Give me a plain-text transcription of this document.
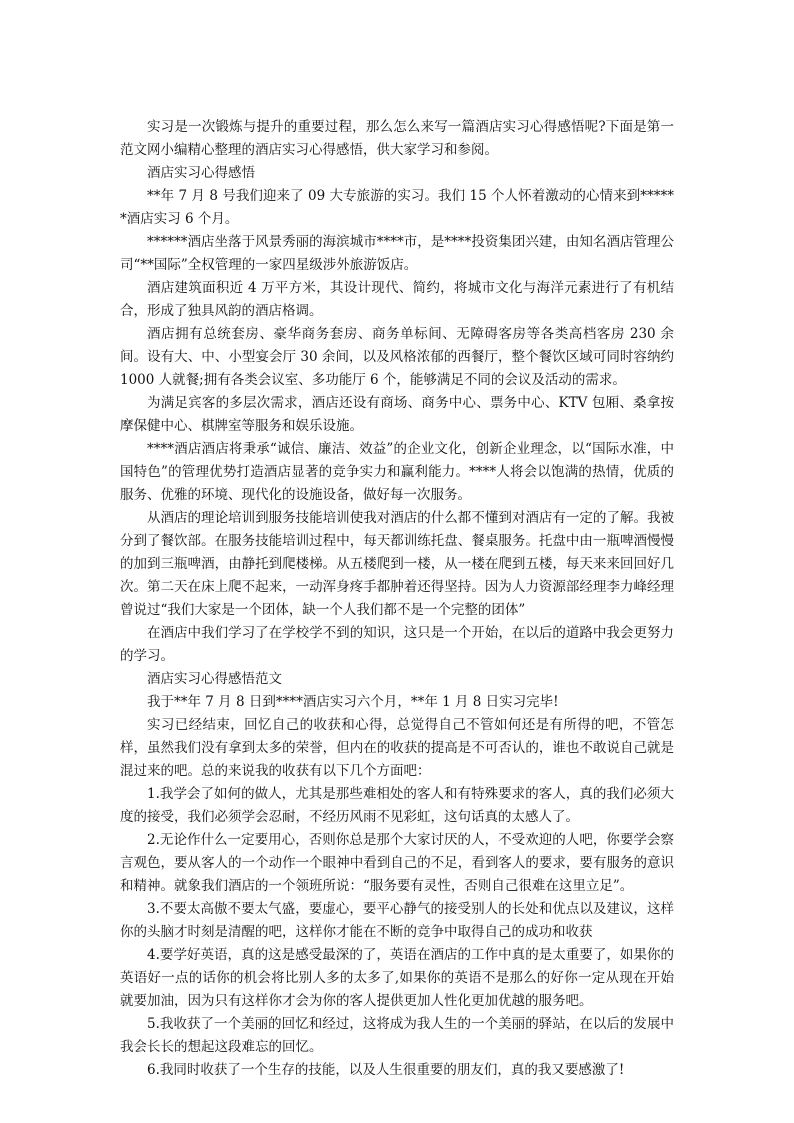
实习是一次锻炼与提升的重要过程，那么怎么来写一篇酒店实习心得感悟呢?下面是第一范文网小编精心整理的酒店实习心得感悟，供大家学习和参阅。

酒店实习心得感悟

**年 7 月 8 号我们迎来了 09 大专旅游的实习。我们 15 个人怀着激动的心情来到******酒店实习 6 个月。

******酒店坐落于风景秀丽的海滨城市****市，是****投资集团兴建，由知名酒店管理公司“**国际”全权管理的一家四星级涉外旅游饭店。

酒店建筑面积近 4 万平方米，其设计现代、简约，将城市文化与海洋元素进行了有机结合，形成了独具风韵的酒店格调。

酒店拥有总统套房、豪华商务套房、商务单标间、无障碍客房等各类高档客房 230 余间。设有大、中、小型宴会厅 30 余间，以及风格浓郁的西餐厅，整个餐饮区域可同时容纳约 1000 人就餐;拥有各类会议室、多功能厅 6 个，能够满足不同的会议及活动的需求。

为满足宾客的多层次需求，酒店还设有商场、商务中心、票务中心、KTV 包厢、桑拿按摩保健中心、棋牌室等服务和娱乐设施。

****酒店酒店将秉承“诚信、廉洁、效益”的企业文化，创新企业理念，以“国际水准，中国特色”的管理优势打造酒店显著的竞争实力和赢利能力。****人将会以饱满的热情，优质的服务、优雅的环境、现代化的设施设备，做好每一次服务。

从酒店的理论培训到服务技能培训使我对酒店的什么都不懂到对酒店有一定的了解。我被分到了餐饮部。在服务技能培训过程中，每天都训练托盘、餐桌服务。托盘中由一瓶啤酒慢慢的加到三瓶啤酒，由静托到爬楼梯。从五楼爬到一楼，从一楼在爬到五楼，每天来来回回好几次。第二天在床上爬不起来，一动浑身疼手都肿着还得坚持。因为人力资源部经理李力峰经理曾说过“我们大家是一个团体，缺一个人我们都不是一个完整的团体”

在酒店中我们学习了在学校学不到的知识，这只是一个开始，在以后的道路中我会更努力的学习。

酒店实习心得感悟范文

我于**年 7 月 8 日到****酒店实习六个月，**年 1 月 8 日实习完毕!

实习已经结束，回忆自己的收获和心得，总觉得自己不管如何还是有所得的吧，不管怎样，虽然我们没有拿到太多的荣誉，但内在的收获的提高是不可否认的，谁也不敢说自己就是混过来的吧。总的来说我的收获有以下几个方面吧：

1.我学会了如何的做人，尤其是那些难相处的客人和有特殊要求的客人，真的我们必须大度的接受，我们必须学会忍耐，不经历风雨不见彩虹，这句话真的太感人了。

2.无论作什么一定要用心，否则你总是那个大家讨厌的人，不受欢迎的人吧，你要学会察言观色，要从客人的一个动作一个眼神中看到自己的不足，看到客人的要求，要有服务的意识和精神。就象我们酒店的一个领班所说：“服务要有灵性，否则自己很难在这里立足”。

3.不要太高傲不要太气盛，要虚心，要平心静气的接受别人的长处和优点以及建议，这样你的头脑才时刻是清醒的吧，这样你才能在不断的竞争中取得自己的成功和收获

4.要学好英语，真的这是感受最深的了，英语在酒店的工作中真的是太重要了，如果你的英语好一点的话你的机会将比别人多的太多了,如果你的英语不是那么的好你一定从现在开始就要加油，因为只有这样你才会为你的客人提供更加人性化更加优越的服务吧。

5.我收获了一个美丽的回忆和经过，这将成为我人生的一个美丽的驿站，在以后的发展中我会长长的想起这段难忘的回忆。

6.我同时收获了一个生存的技能，以及人生很重要的朋友们，真的我又要感激了!
